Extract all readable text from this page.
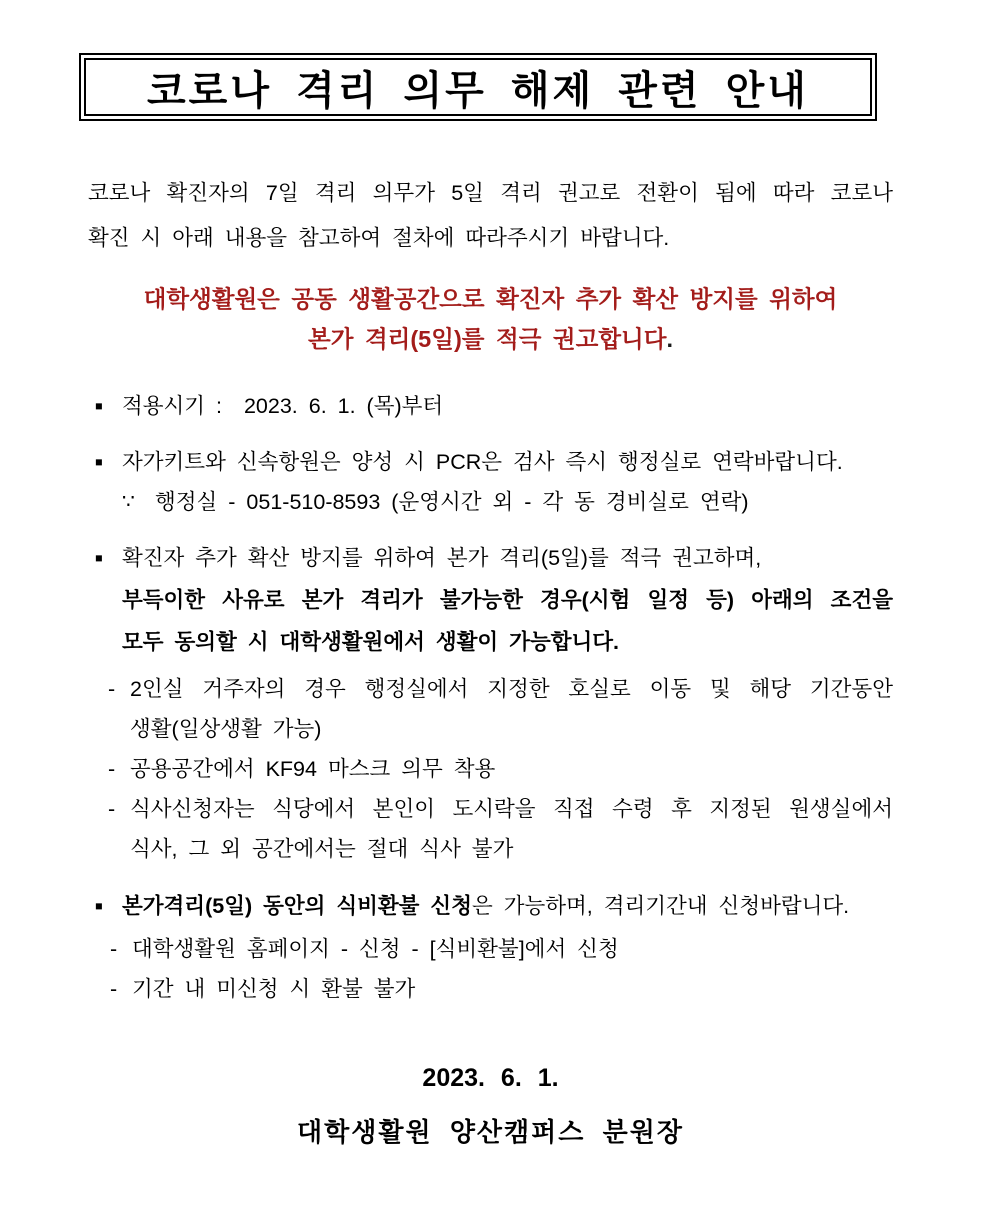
코로나 격리 의무 해제 관련 안내
코로나 확진자의 7일 격리 의무가 5일 격리 권고로 전환이 됨에 따라 코로나
확진 시 아래 내용을 참고하여 절차에 따라주시기 바랍니다.
대학생활원은 공동 생활공간으로 확진자 추가 확산 방지를 위하여
본가 격리(5일)를 적극 권고합니다.
■ 적용시기 :  2023. 6. 1. (목)부터
■ 자가키트와 신속항원은 양성 시 PCR은 검사 즉시 행정실로 연락바랍니다.
∵ 행정실 - 051-510-8593 (운영시간 외 - 각 동 경비실로 연락)
■ 확진자 추가 확산 방지를 위하여 본가 격리(5일)를 적극 권고하며,
부득이한 사유로 본가 격리가 불가능한 경우(시험 일정 등) 아래의 조건을
모두 동의할 시 대학생활원에서 생활이 가능합니다.
- 2인실 거주자의 경우 행정실에서 지정한 호실로 이동 및 해당 기간동안
생활(일상생활 가능)
- 공용공간에서 KF94 마스크 의무 착용
- 식사신청자는 식당에서 본인이 도시락을 직접 수령 후 지정된 원생실에서
식사, 그 외 공간에서는 절대 식사 불가
■ 본가격리(5일) 동안의 식비환불 신청은 가능하며, 격리기간내 신청바랍니다.
- 대학생활원 홈페이지 - 신청 - [식비환불]에서 신청
- 기간 내 미신청 시 환불 불가
2023. 6. 1.
대학생활원 양산캠퍼스 분원장
